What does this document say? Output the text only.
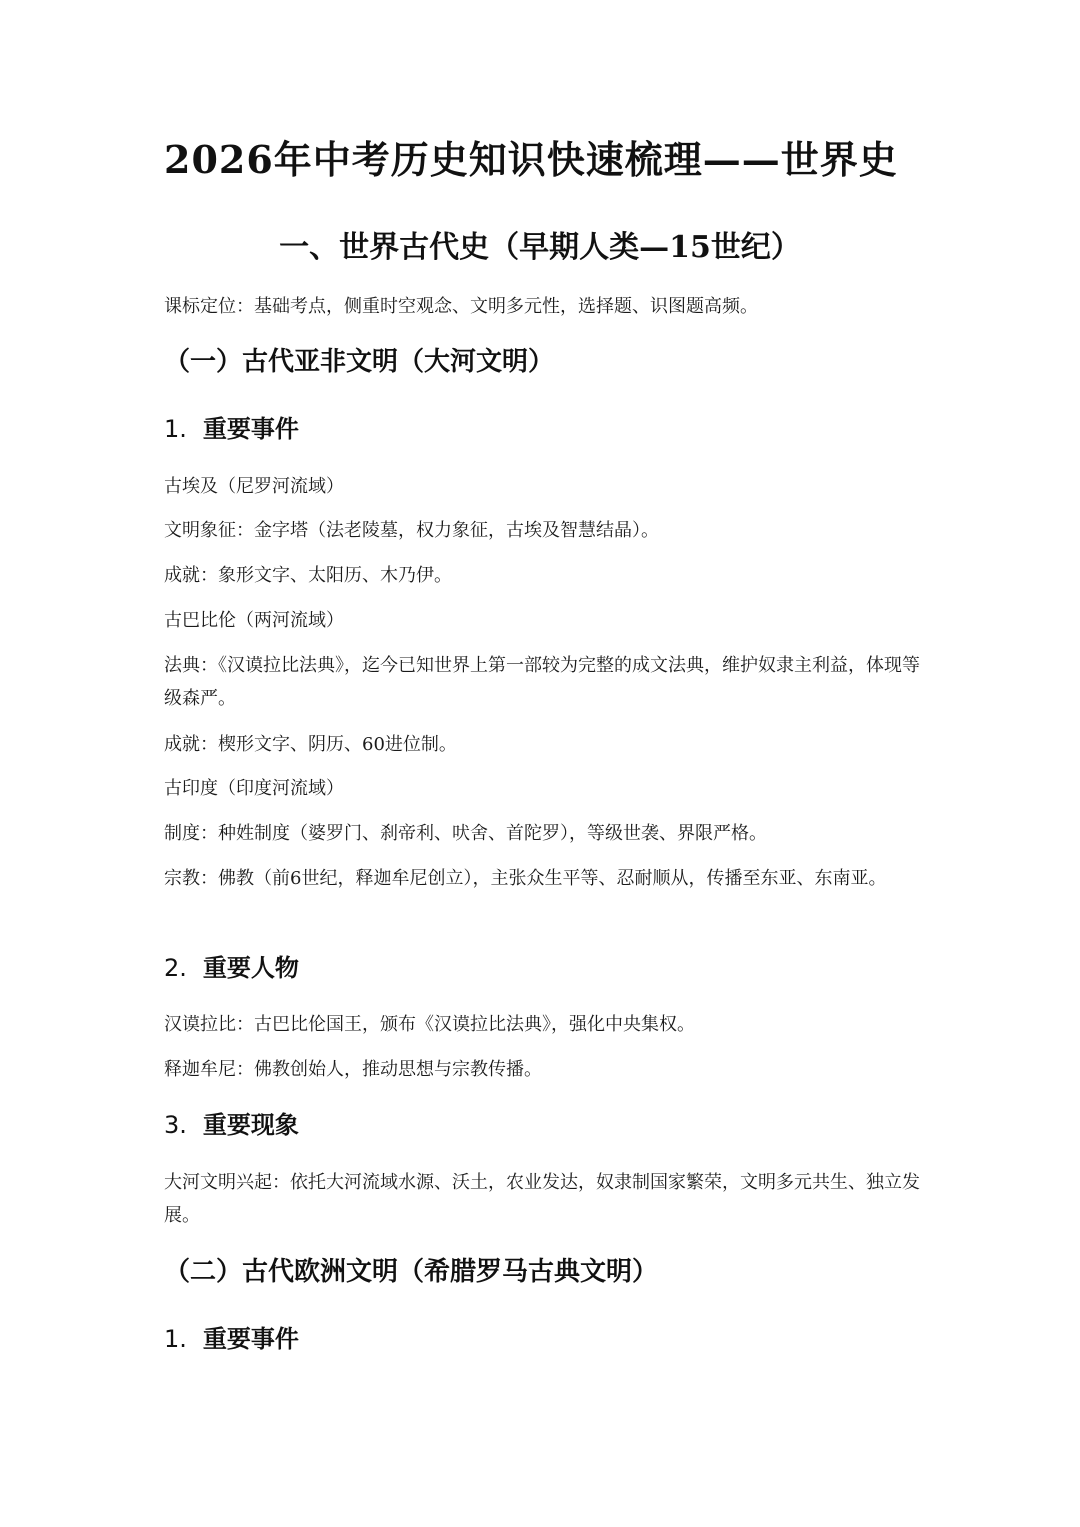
2026年中考历史知识快速梳理——世界史
一、世界古代史（早期人类—15世纪）
课标定位：基础考点，侧重时空观念、文明多元性，选择题、识图题高频。
（一）古代亚非文明（大河文明）
1. 重要事件
古埃及（尼罗河流域）
文明象征：金字塔（法老陵墓，权力象征，古埃及智慧结晶）。
成就：象形文字、太阳历、木乃伊。
古巴比伦（两河流域）
法典：《汉谟拉比法典》，迄今已知世界上第一部较为完整的成文法典，维护奴隶主利益，体现等级森严。
成就：楔形文字、阴历、60进位制。
古印度（印度河流域）
制度：种姓制度（婆罗门、刹帝利、吠舍、首陀罗），等级世袭、界限严格。
宗教：佛教（前6世纪，释迦牟尼创立），主张众生平等、忍耐顺从，传播至东亚、东南亚。
2. 重要人物
汉谟拉比：古巴比伦国王，颁布《汉谟拉比法典》，强化中央集权。
释迦牟尼：佛教创始人，推动思想与宗教传播。
3. 重要现象
大河文明兴起：依托大河流域水源、沃土，农业发达，奴隶制国家繁荣，文明多元共生、独立发展。
（二）古代欧洲文明（希腊罗马古典文明）
1. 重要事件
